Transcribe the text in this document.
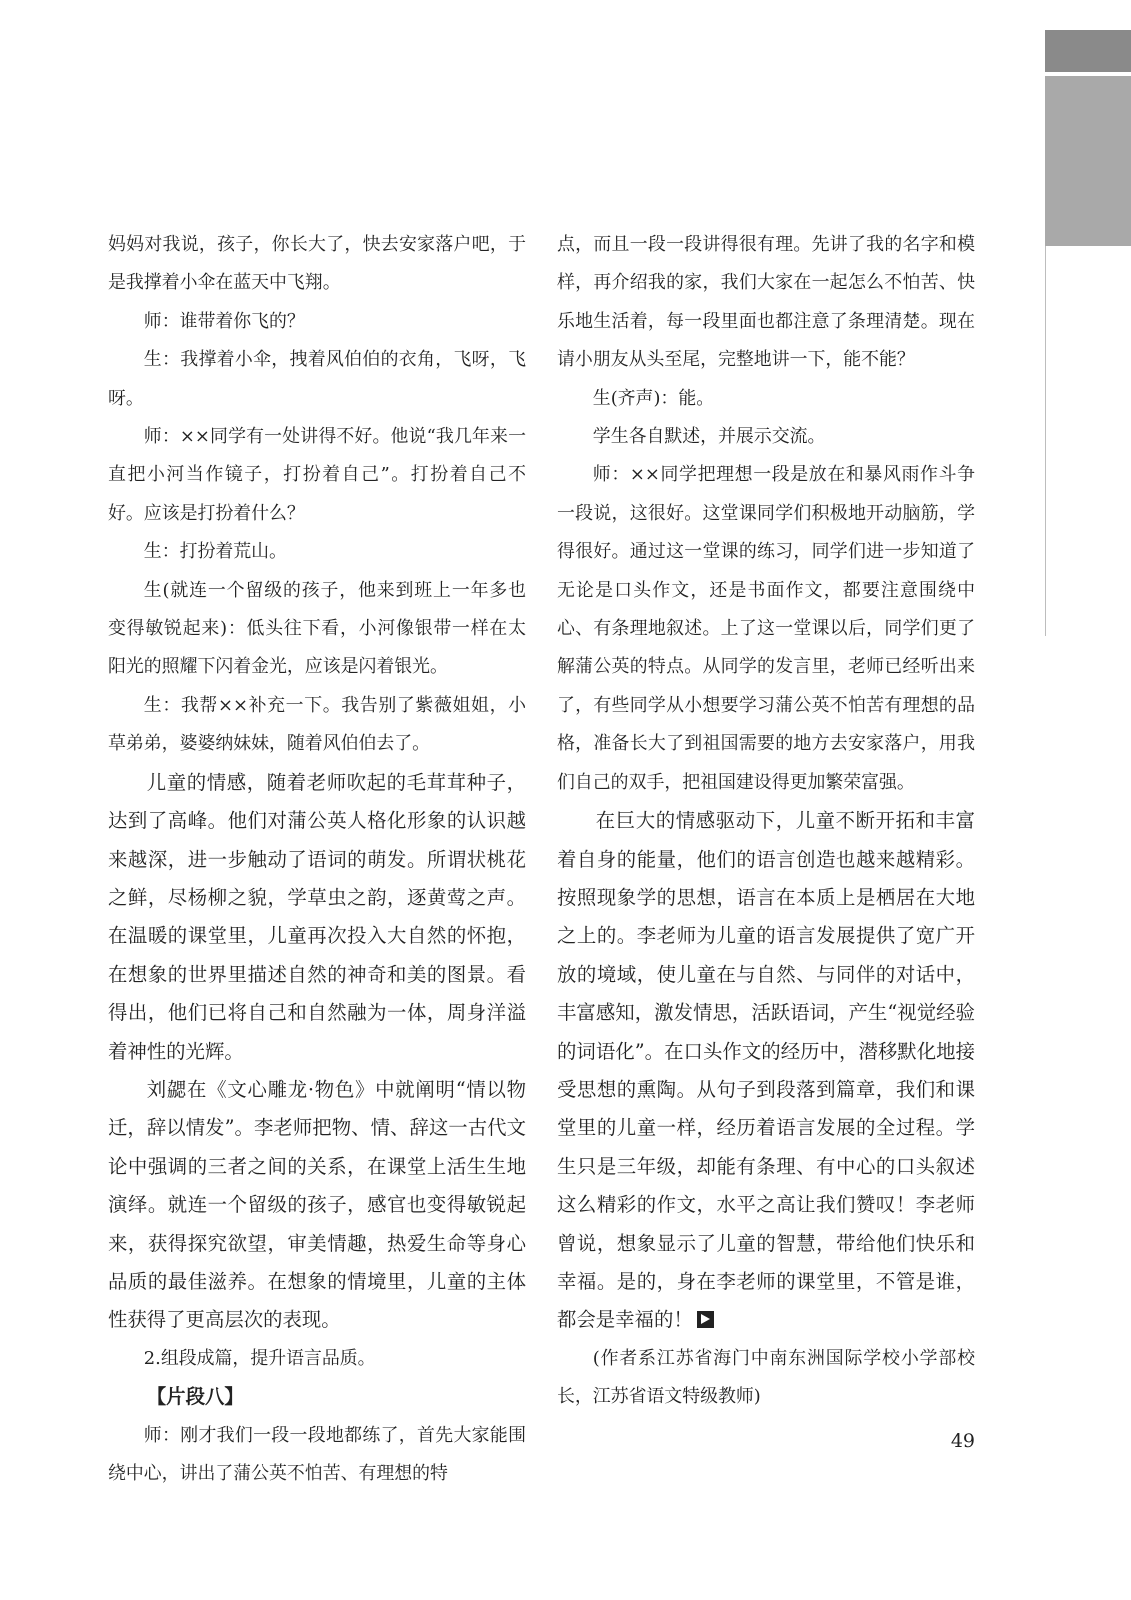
妈妈对我说，孩子，你长大了，快去安家落户吧，于是我撑着小伞在蓝天中飞翔。

师：谁带着你飞的？

生：我撑着小伞，拽着风伯伯的衣角，飞呀，飞呀。

师：××同学有一处讲得不好。他说“我几年来一直把小河当作镜子，打扮着自己”。打扮着自己不好。应该是打扮着什么？

生：打扮着荒山。

生(就连一个留级的孩子，他来到班上一年多也变得敏锐起来)：低头往下看，小河像银带一样在太阳光的照耀下闪着金光，应该是闪着银光。

生：我帮××补充一下。我告别了紫薇姐姐，小草弟弟，婆婆纳妹妹，随着风伯伯去了。

儿童的情感，随着老师吹起的毛茸茸种子，达到了高峰。他们对蒲公英人格化形象的认识越来越深，进一步触动了语词的萌发。所谓状桃花之鲜，尽杨柳之貌，学草虫之韵，逐黄莺之声。在温暖的课堂里，儿童再次投入大自然的怀抱，在想象的世界里描述自然的神奇和美的图景。看得出，他们已将自己和自然融为一体，周身洋溢着神性的光辉。

刘勰在《文心雕龙·物色》中就阐明“情以物迁，辞以情发”。李老师把物、情、辞这一古代文论中强调的三者之间的关系，在课堂上活生生地演绎。就连一个留级的孩子，感官也变得敏锐起来，获得探究欲望，审美情趣，热爱生命等身心品质的最佳滋养。在想象的情境里，儿童的主体性获得了更高层次的表现。

2.组段成篇，提升语言品质。

【片段八】

师：刚才我们一段一段地都练了，首先大家能围绕中心，讲出了蒲公英不怕苦、有理想的特

点，而且一段一段讲得很有理。先讲了我的名字和模样，再介绍我的家，我们大家在一起怎么不怕苦、快乐地生活着，每一段里面也都注意了条理清楚。现在请小朋友从头至尾，完整地讲一下，能不能？

生(齐声)：能。

学生各自默述，并展示交流。

师：××同学把理想一段是放在和暴风雨作斗争一段说，这很好。这堂课同学们积极地开动脑筋，学得很好。通过这一堂课的练习，同学们进一步知道了无论是口头作文，还是书面作文，都要注意围绕中心、有条理地叙述。上了这一堂课以后，同学们更了解蒲公英的特点。从同学的发言里，老师已经听出来了，有些同学从小想要学习蒲公英不怕苦有理想的品格，准备长大了到祖国需要的地方去安家落户，用我们自己的双手，把祖国建设得更加繁荣富强。

在巨大的情感驱动下，儿童不断开拓和丰富着自身的能量，他们的语言创造也越来越精彩。按照现象学的思想，语言在本质上是栖居在大地之上的。李老师为儿童的语言发展提供了宽广开放的境域，使儿童在与自然、与同伴的对话中，丰富感知，激发情思，活跃语词，产生“视觉经验的词语化”。在口头作文的经历中，潜移默化地接受思想的熏陶。从句子到段落到篇章，我们和课堂里的儿童一样，经历着语言发展的全过程。学生只是三年级，却能有条理、有中心的口头叙述这么精彩的作文，水平之高让我们赞叹！李老师曾说，想象显示了儿童的智慧，带给他们快乐和幸福。是的，身在李老师的课堂里，不管是谁，都会是幸福的！

(作者系江苏省海门中南东洲国际学校小学部校长，江苏省语文特级教师)

49
